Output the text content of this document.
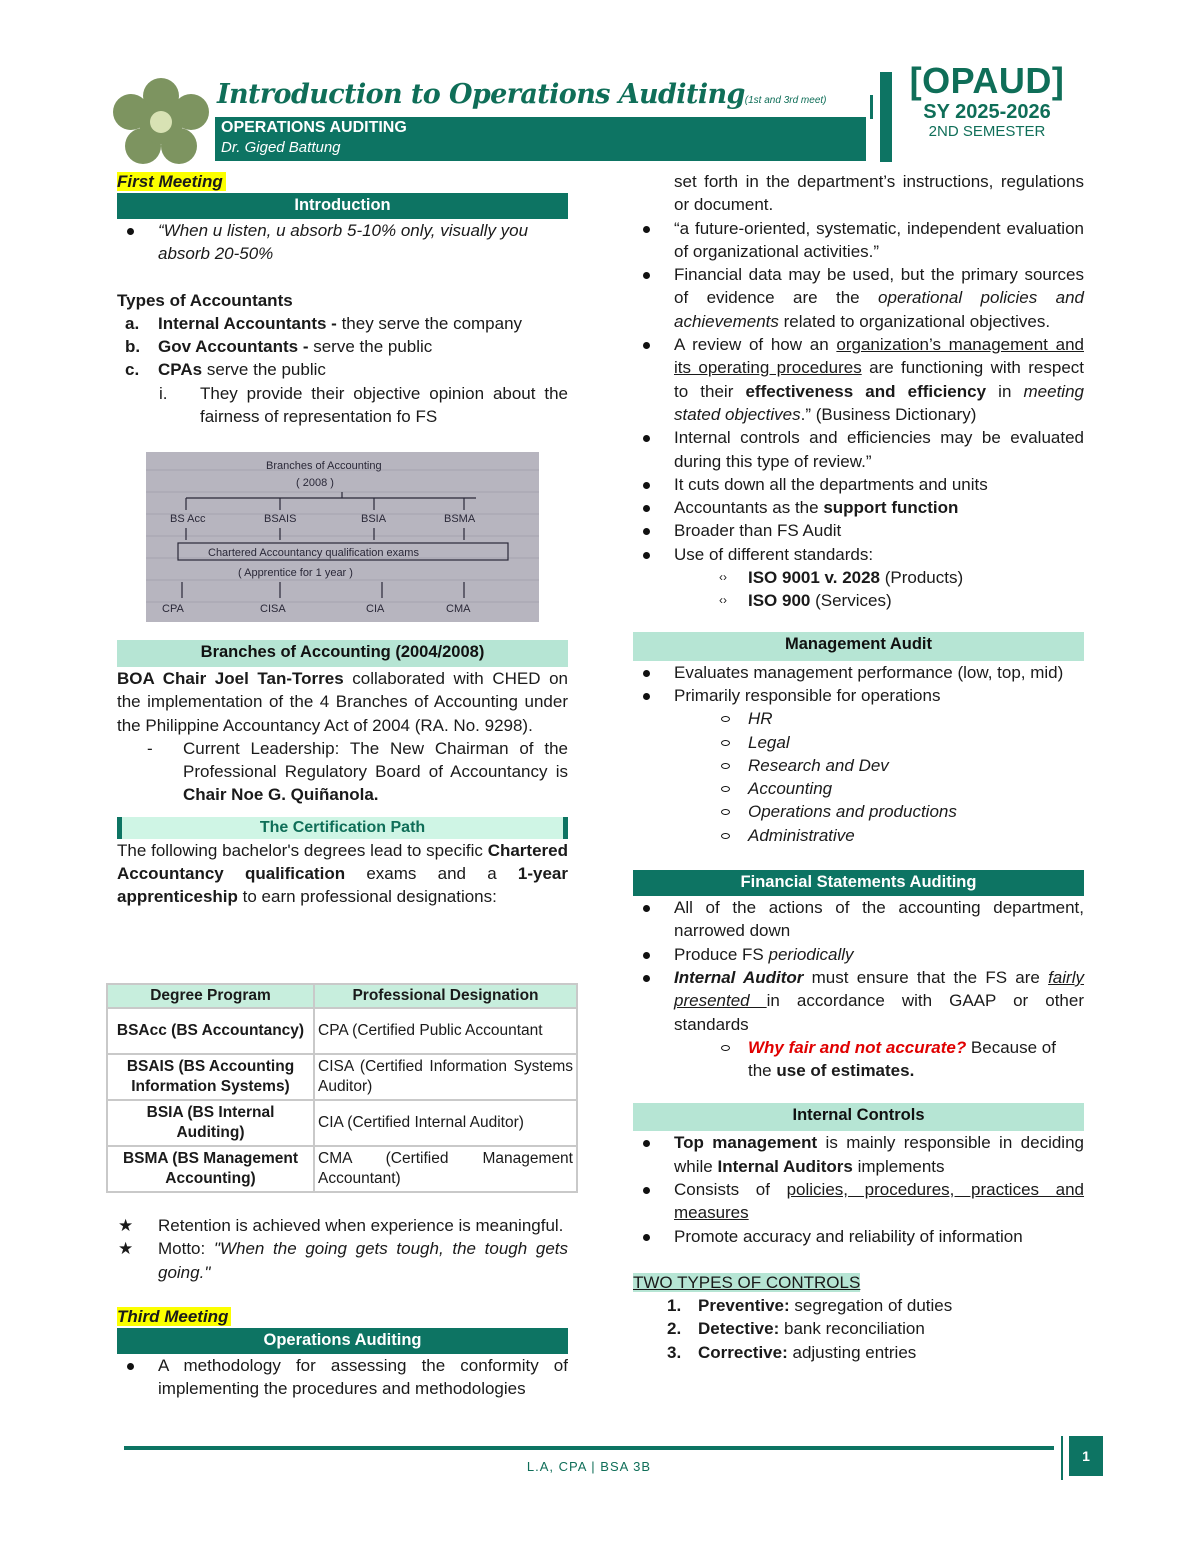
Introduction to Operations Auditing(1st and 3rd meet)
OPERATIONS AUDITING
Dr. Giged Battung
[OPAUD]
SY 2025-2026
2ND SEMESTER
First Meeting
Introduction
“When u listen, u absorb 5-10% only, visually you
absorb 20-50%
Types of Accountants
a.	Internal Accountants - they serve the company
b. Gov Accountants - serve the public
c.	CPAs serve the public
i.	They provide their objective opinion about the fairness of representation fo FS
Branches of Accounting
( 2008 )
BS Acc	BSAIS	BSIA	BSMA
Chartered Accountancy qualification exams
( Apprentice for 1 year )
CPA	CISA	CIA	CMA
Branches of Accounting (2004/2008)
BOA Chair Joel Tan-Torres collaborated with CHED on the implementation of the 4 Branches of Accounting under the Philippine Accountancy Act of 2004 (RA. No. 9298).
-	Current Leadership: The New Chairman of the Professional Regulatory Board of Accountancy is Chair Noe G. Quiñanola.
The Certification Path
The following bachelor's degrees lead to specific Chartered Accountancy qualification exams and a 1-year apprenticeship to earn professional designations:
Degree Program	Professional Designation
BSAcc (BS Accountancy)	CPA (Certified Public Accountant
BSAIS (BS Accounting Information Systems)	CISA (Certified Information Systems Auditor)
BSIA (BS Internal Auditing)	CIA (Certified Internal Auditor)
BSMA (BS Management Accounting)	CMA (Certified Management Accountant)
★ Retention is achieved when experience is meaningful.
★ Motto: "When the going gets tough, the tough gets going."
Third Meeting
Operations Auditing
A methodology for assessing the conformity of implementing the procedures and methodologies
set forth in the department’s instructions, regulations or document.
“a future-oriented, systematic, independent evaluation of organizational activities.”
Financial data may be used, but the primary sources of evidence are the operational policies and achievements related to organizational objectives.
A review of how an organization’s management and its operating procedures are functioning with respect to their effectiveness and efficiency in meeting stated objectives.” (Business Dictionary)
Internal controls and efficiencies may be evaluated during this type of review.”
It cuts down all the departments and units
Accountants as the support function
Broader than FS Audit
Use of different standards:
‹› ISO 9001 v. 2028 (Products)
‹› ISO 900 (Services)
Management Audit
Evaluates management performance (low, top, mid)
Primarily responsible for operations
HR
Legal
Research and Dev
Accounting
Operations and productions
Administrative
Financial Statements Auditing
All of the actions of the accounting department, narrowed down
Produce FS periodically
Internal Auditor must ensure that the FS are fairly presented in accordance with GAAP or other standards
Why fair and not accurate? Because of the use of estimates.
Internal Controls
Top management is mainly responsible in deciding while Internal Auditors implements
Consists of policies, procedures, practices and measures
Promote accuracy and reliability of information
TWO TYPES OF CONTROLS
1. Preventive: segregation of duties
2. Detective: bank reconciliation
3. Corrective: adjusting entries
L.A, CPA | BSA 3B
1
